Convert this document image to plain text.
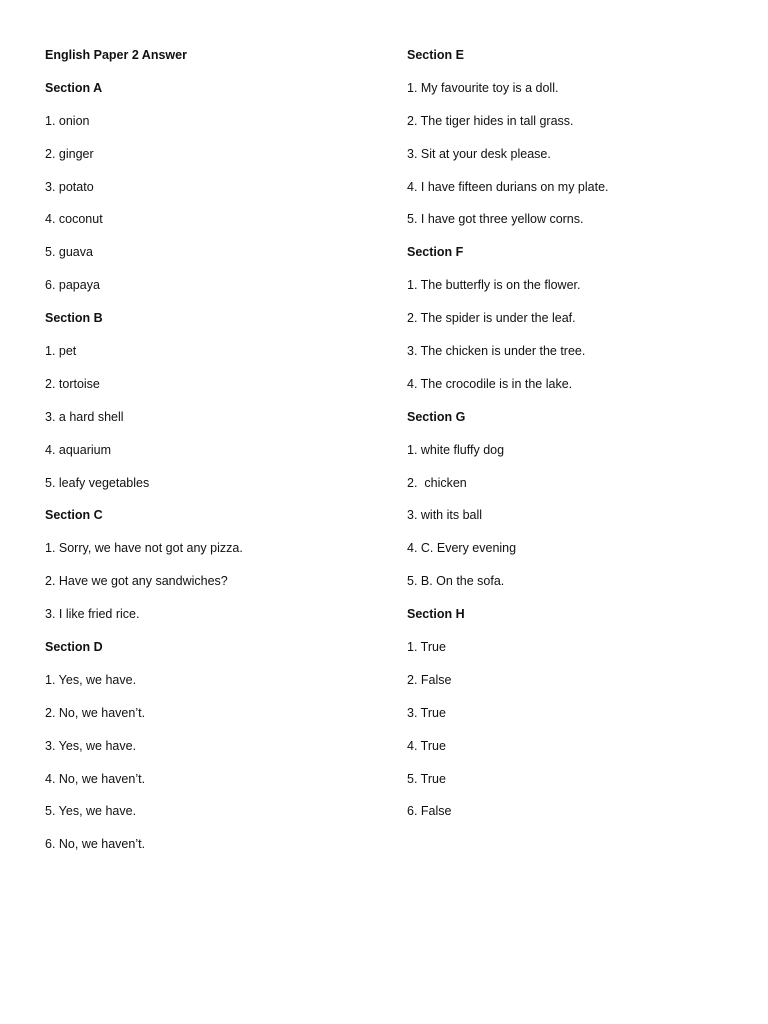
English Paper 2 Answer
Section A
1. onion
2. ginger
3. potato
4. coconut
5. guava
6. papaya
Section B
1. pet
2. tortoise
3. a hard shell
4. aquarium
5. leafy vegetables
Section C
1. Sorry, we have not got any pizza.
2. Have we got any sandwiches?
3. I like fried rice.
Section D
1. Yes, we have.
2. No, we haven’t.
3. Yes, we have.
4. No, we haven’t.
5. Yes, we have.
6. No, we haven’t.
Section E
1. My favourite toy is a doll.
2. The tiger hides in tall grass.
3. Sit at your desk please.
4. I have fifteen durians on my plate.
5. I have got three yellow corns.
Section F
1. The butterfly is on the flower.
2. The spider is under the leaf.
3. The chicken is under the tree.
4. The crocodile is in the lake.
Section G
1. white fluffy dog
2.  chicken
3. with its ball
4. C. Every evening
5. B. On the sofa.
Section H
1. True
2. False
3. True
4. True
5. True
6. False
